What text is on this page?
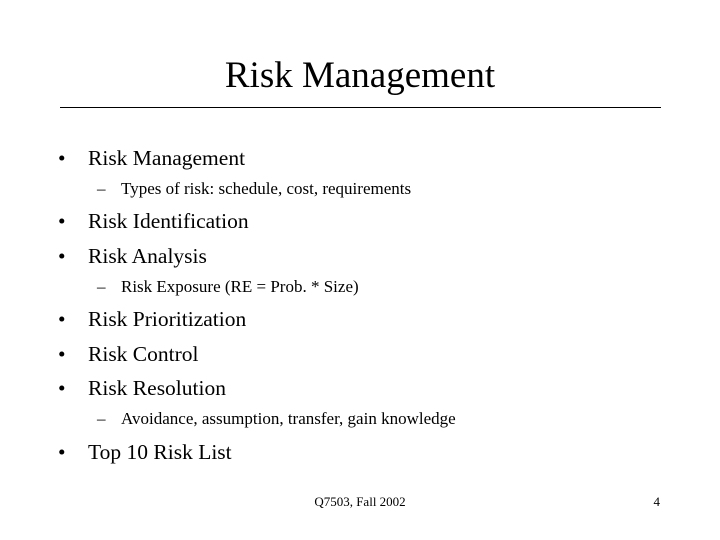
Risk Management
• Risk Management
– Types of risk: schedule, cost, requirements
• Risk Identification
• Risk Analysis
– Risk Exposure (RE = Prob. * Size)
• Risk Prioritization
• Risk Control
• Risk Resolution
– Avoidance, assumption, transfer, gain knowledge
• Top 10 Risk List
Q7503, Fall 2002	4
